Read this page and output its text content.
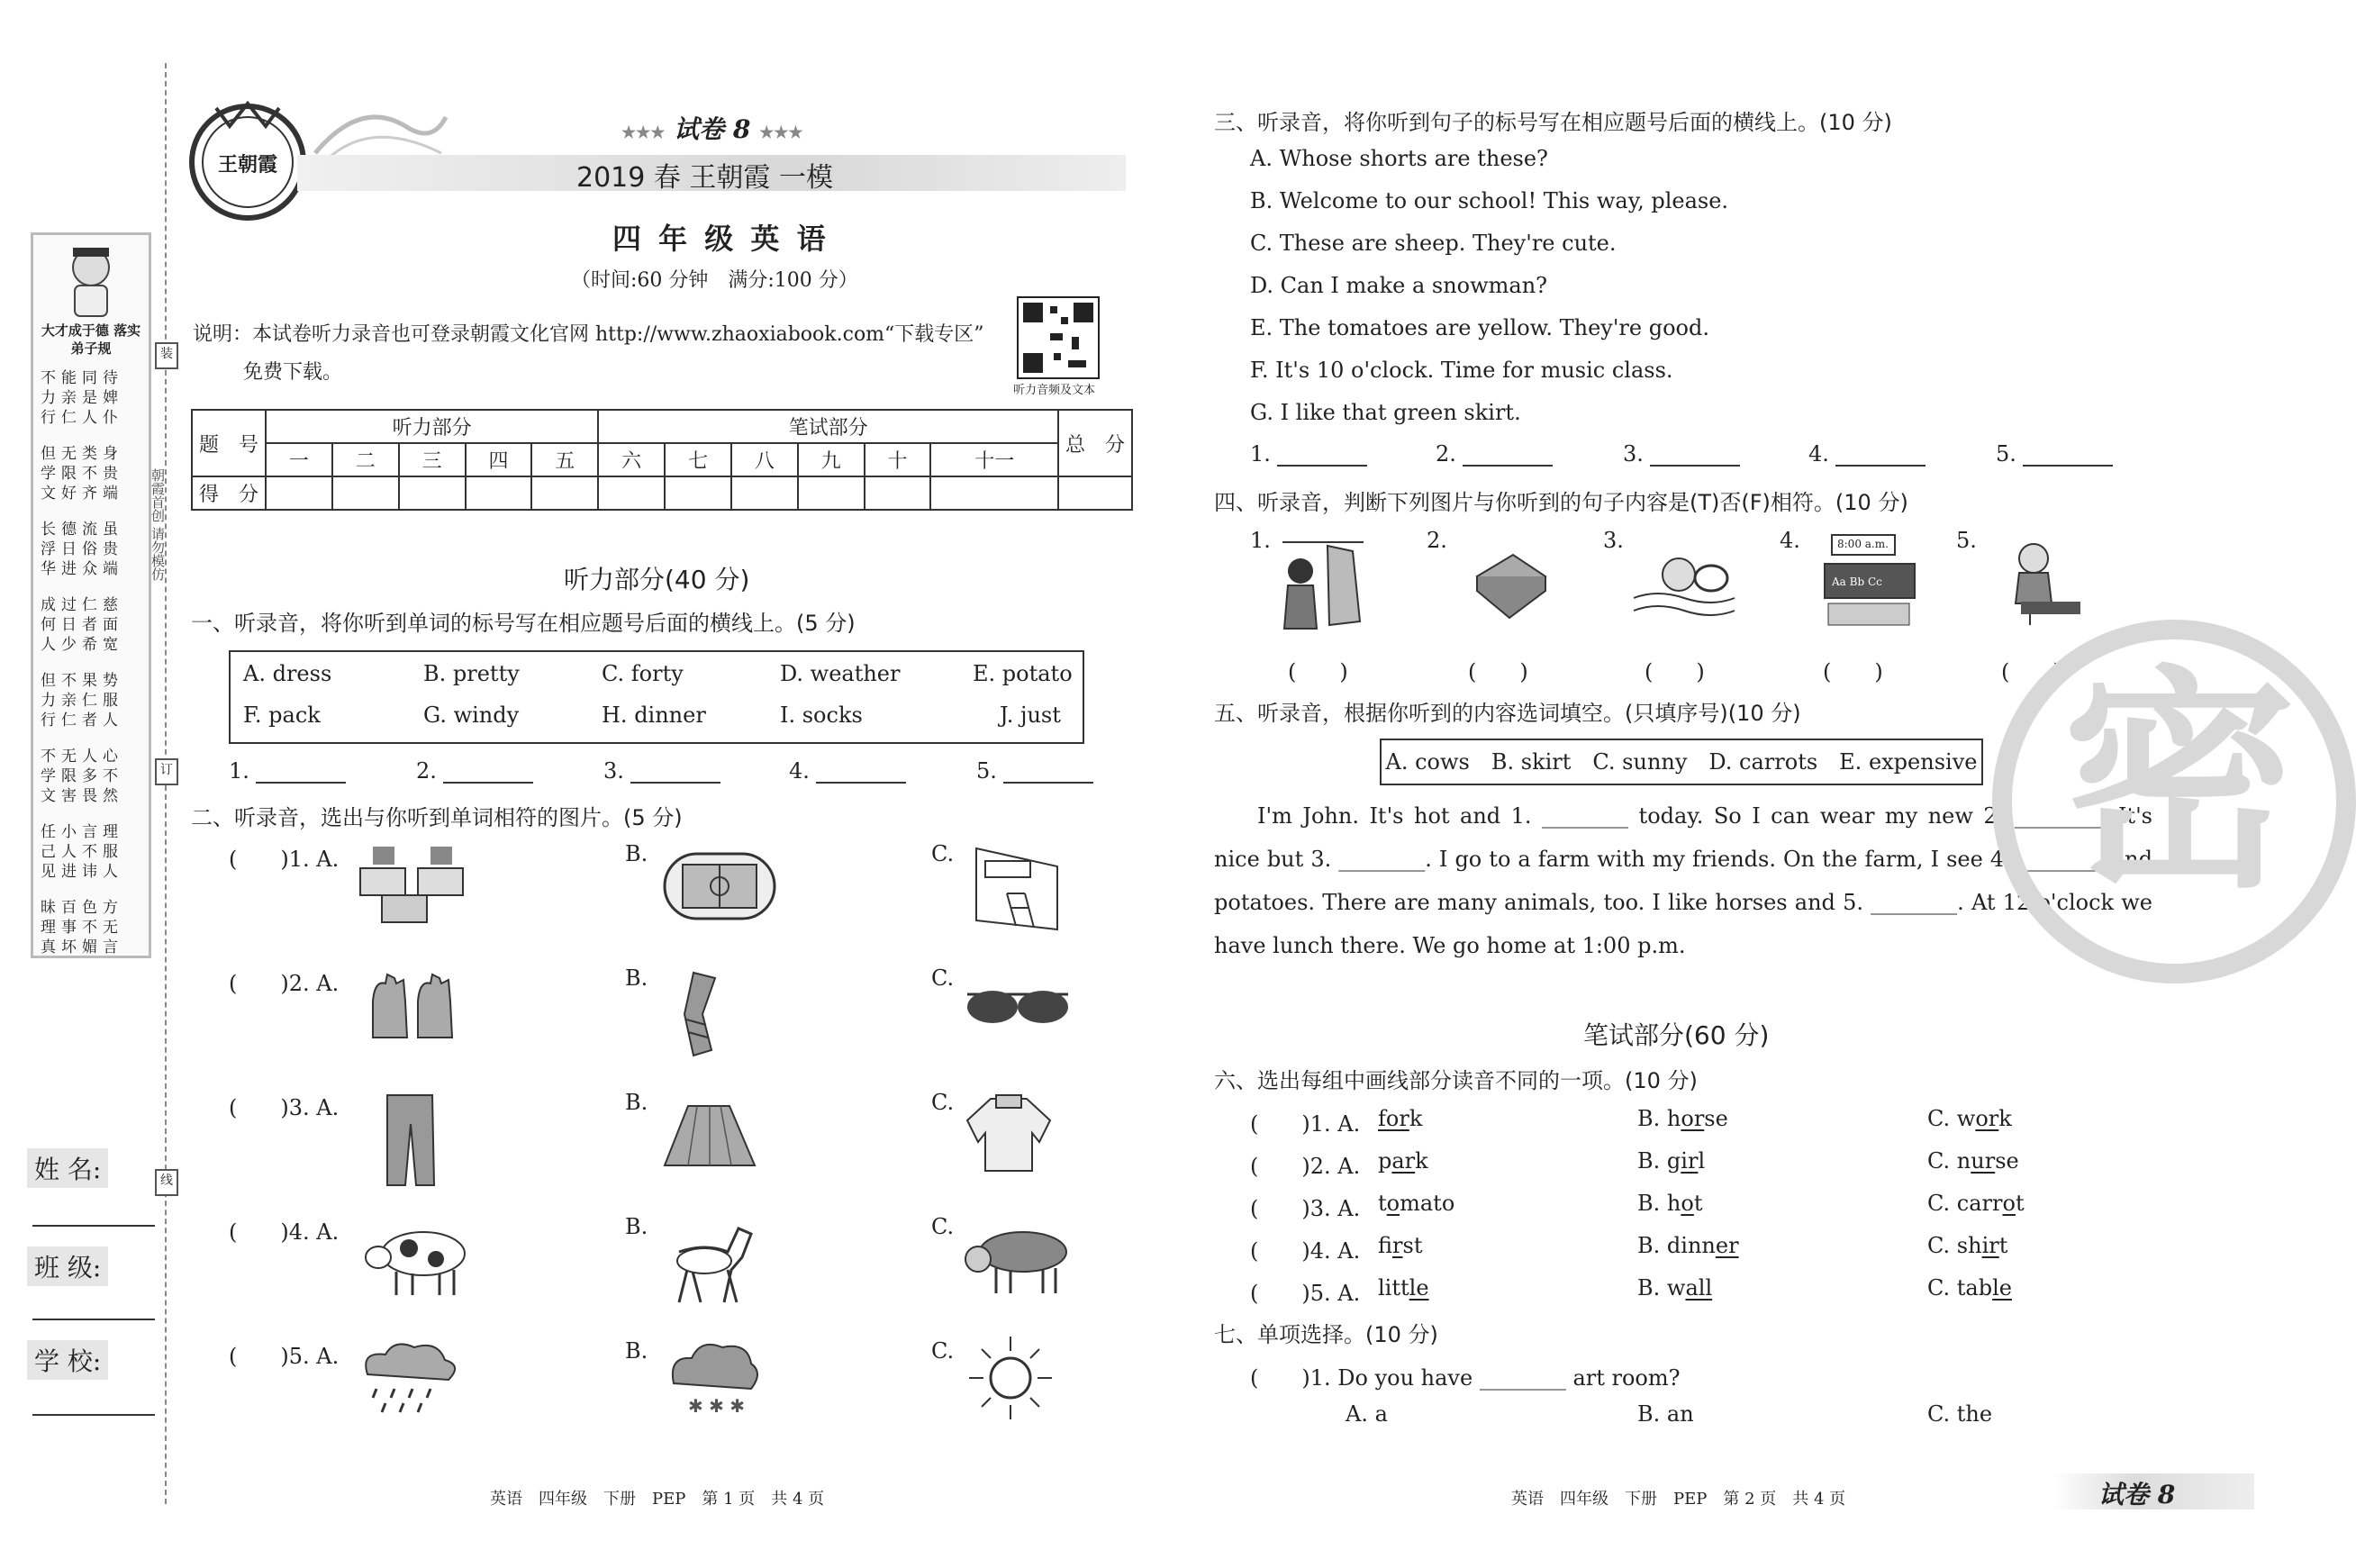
大才成于德 落实弟子规
不能同待
力亲是婢
行仁人仆
但无类身
学限不贵
文好齐端
长德流虽
浮日俗贵
华进众端
成过仁慈
何日者面
人少希宽
但不果势
力亲仁服
行仁者人
不无人心
学限多不
文害畏然
任小言理
己人不服
见进讳人
昧百色方
理事不无
真坏媚言
朝霞首创 请勿模仿
装
订
线
姓 名:
班 级:
学 校:
王朝霞
★★★ 试卷 8 ★★★
2019 春 王朝霞 一模
四 年 级 英 语
（时间:60 分钟　满分:100 分）
说明：本试卷听力录音也可登录朝霞文化官网 http://www.zhaoxiabook.com“下载专区”
免费下载。
听力音频及文本
题　号	听力部分					笔试部分						总　分
	一	二	三	四	五	六	七	八	九	十	十一	
得　分												
听力部分(40 分)
一、听录音，将你听到单词的标号写在相应题号后面的横线上。(5 分)
A. dress	B. pretty	C. forty	D. weather	E. potato
F. pack	G. windy	H. dinner	I. socks	J. just
1.	2.	3.	4.	5.
二、听录音，选出与你听到单词相符的图片。(5 分)
(　　)1. A.	B.	C.
(　　)2. A.	B.	C.
(　　)3. A.	B.	C.
(　　)4. A.	B.	C.
(　　)5. A.	B.	C.
✱ ✱ ✱
英语　四年级　下册　PEP　第 1 页　共 4 页
三、听录音，将你听到句子的标号写在相应题号后面的横线上。(10 分)
A. Whose shorts are these?
B. Welcome to our school! This way, please.
C. These are sheep. They're cute.
D. Can I make a snowman?
E. The tomatoes are yellow. They're good.
F. It's 10 o'clock. Time for music class.
G. I like that green skirt.
1.	2.	3.	4.	5.
四、听录音，判断下列图片与你听到的句子内容是(T)否(F)相符。(10 分)
1.	2.	3.	4.	5.
Aa Bb Cc
8:00 a.m.
(　　)	(　　)	(　　)	(　　)	(　　)
五、听录音，根据你听到的内容选词填空。(只填序号)(10 分)
A. cows　B. skirt　C. sunny　D. carrots　E. expensive
I'm John. It's hot and 1. ________ today. So I can wear my new 2. ________. It's
nice but 3. ________. I go to a farm with my friends. On the farm, I see 4. ________ and
potatoes. There are many animals, too. I like horses and 5. ________. At 12 o'clock we
have lunch there. We go home at 1:00 p.m.
笔试部分(60 分)
六、选出每组中画线部分读音不同的一项。(10 分)
(　　)1. A. fork	B. horse	C. work
(　　)2. A. park	B. girl	C. nurse
(　　)3. A. tomato	B. hot	C. carrot
(　　)4. A. first	B. dinner	C. shirt
(　　)5. A. little	B. wall	C. table
七、单项选择。(10 分)
(　　)1. Do you have ________ art room?
A. a	B. an	C. the
英语　四年级　下册　PEP　第 2 页　共 4 页	试卷 8
密
